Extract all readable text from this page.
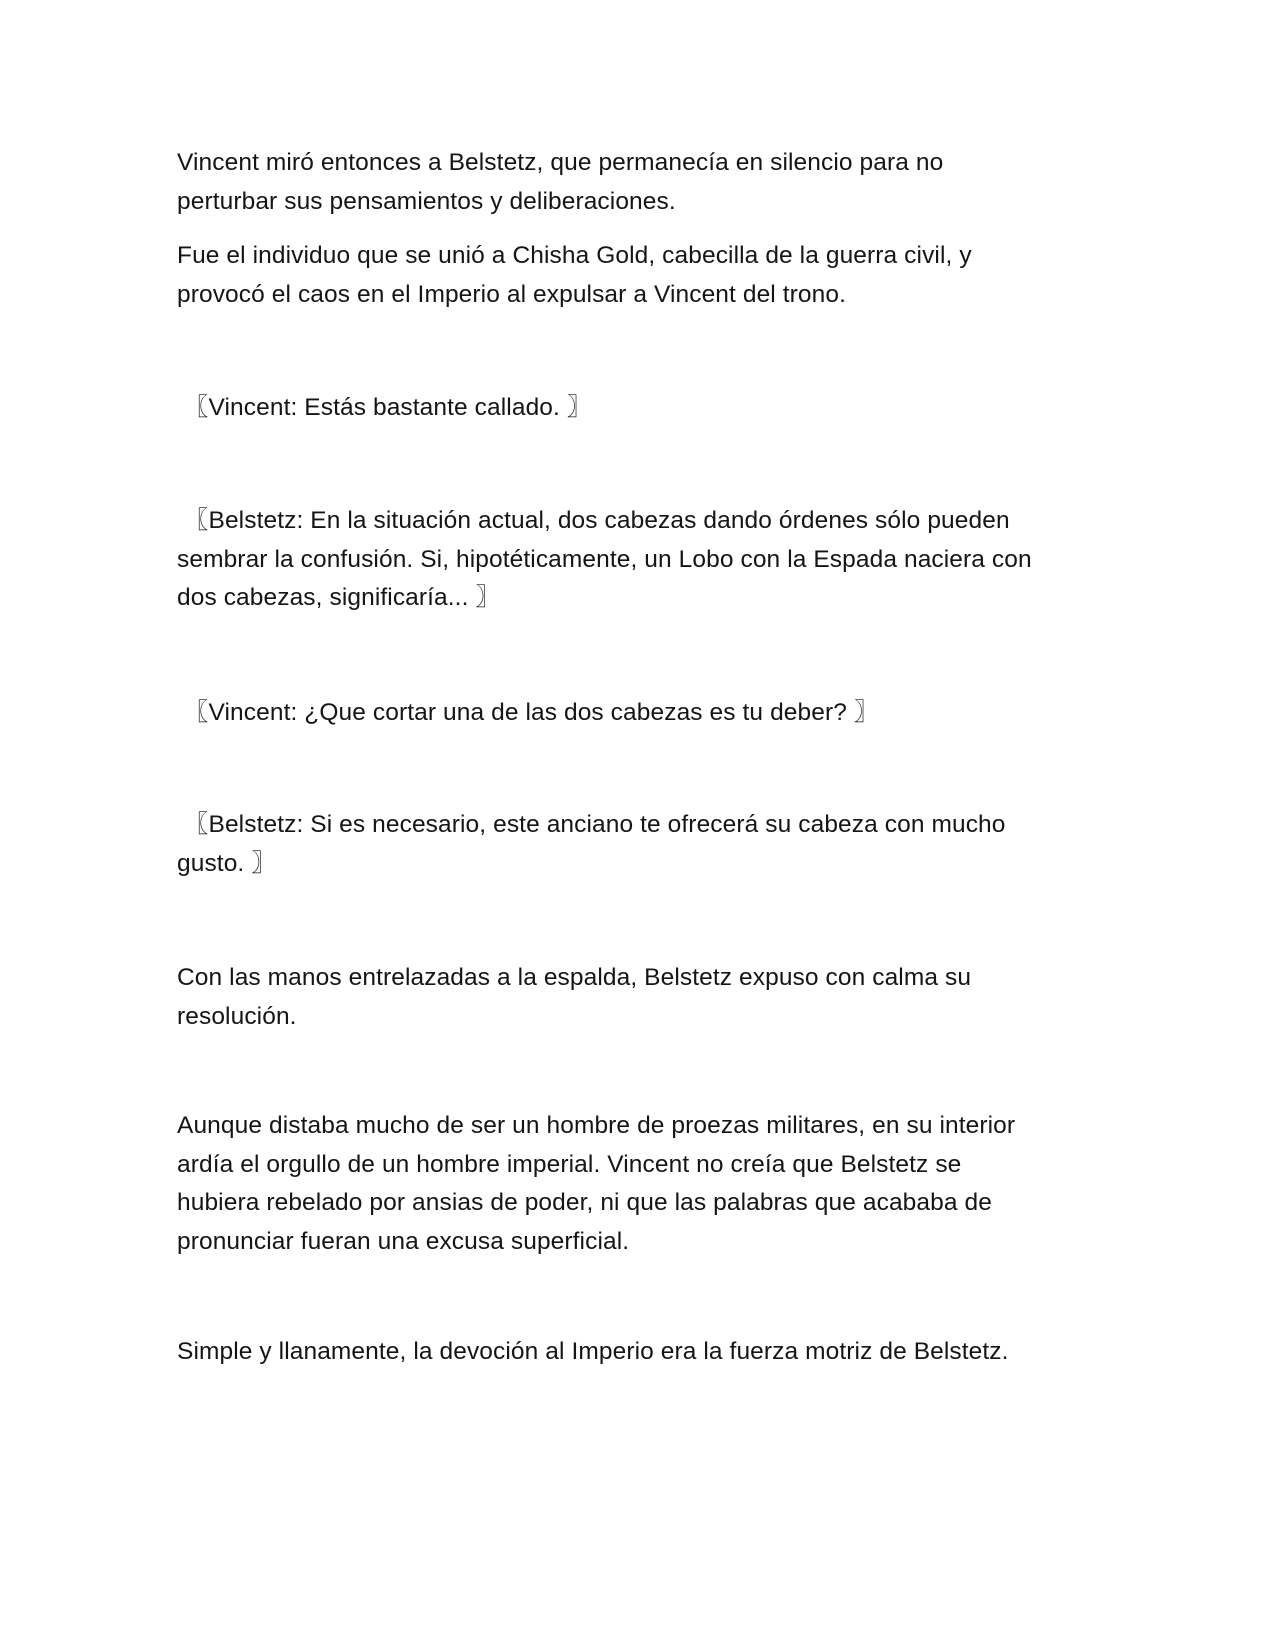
Vincent miró entonces a Belstetz, que permanecía en silencio para no
perturbar sus pensamientos y deliberaciones.

Fue el individuo que se unió a Chisha Gold, cabecilla de la guerra civil, y
provocó el caos en el Imperio al expulsar a Vincent del trono.

〖Vincent: Estás bastante callado. 〗

〖Belstetz: En la situación actual, dos cabezas dando órdenes sólo pueden
sembrar la confusión. Si, hipotéticamente, un Lobo con la Espada naciera con
dos cabezas, significaría... 〗

〖Vincent: ¿Que cortar una de las dos cabezas es tu deber? 〗

〖Belstetz: Si es necesario, este anciano te ofrecerá su cabeza con mucho
gusto. 〗

Con las manos entrelazadas a la espalda, Belstetz expuso con calma su
resolución.

Aunque distaba mucho de ser un hombre de proezas militares, en su interior
ardía el orgullo de un hombre imperial. Vincent no creía que Belstetz se
hubiera rebelado por ansias de poder, ni que las palabras que acababa de
pronunciar fueran una excusa superficial.

Simple y llanamente, la devoción al Imperio era la fuerza motriz de Belstetz.
